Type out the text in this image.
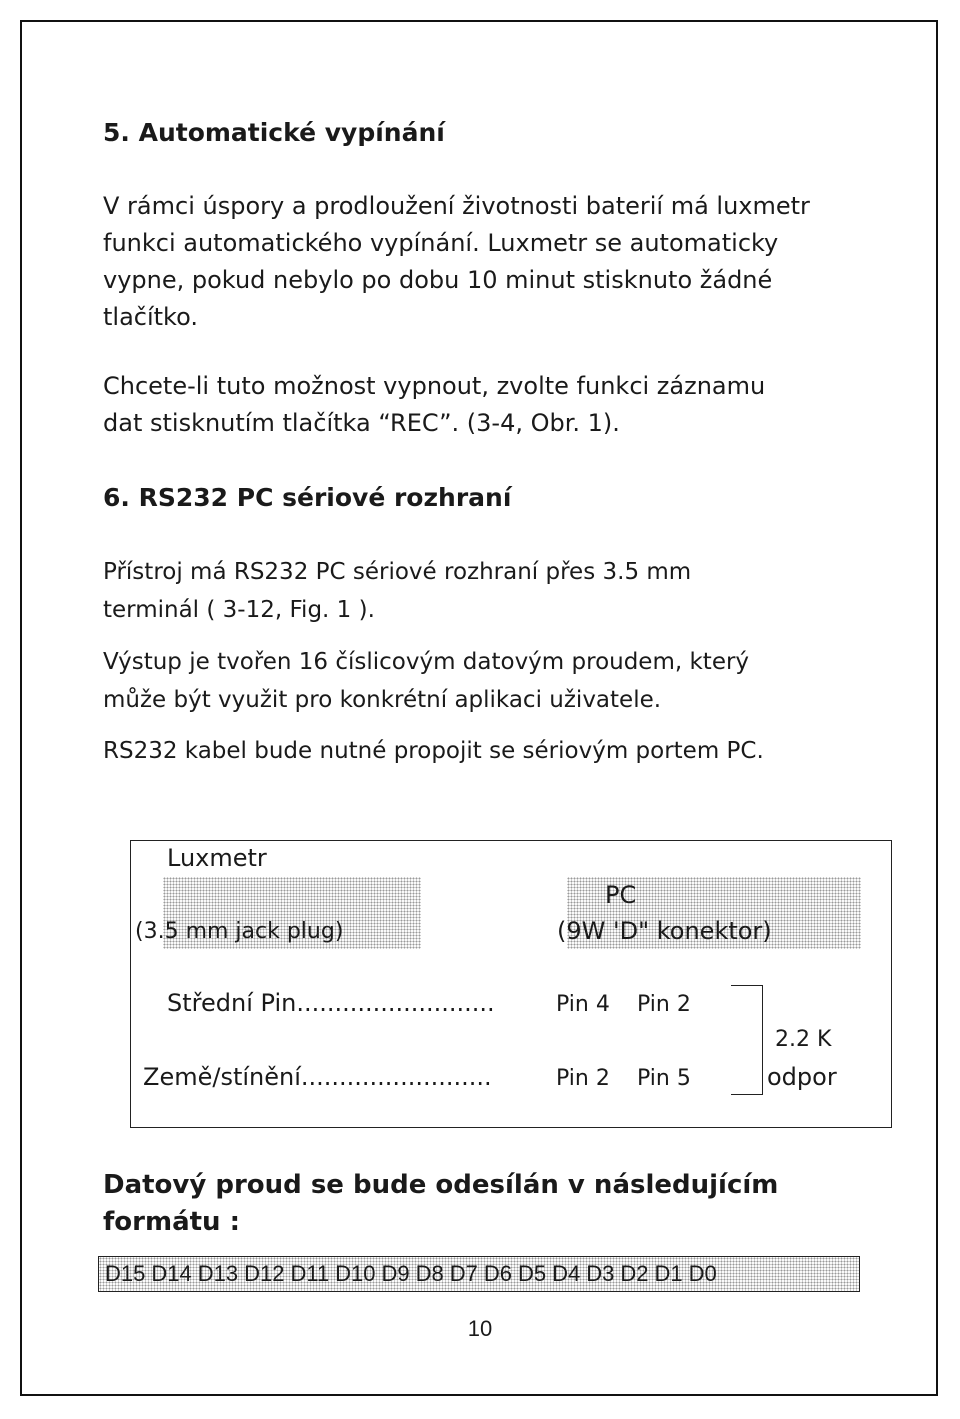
5. Automatické vypínání
V rámci úspory a prodloužení životnosti baterií má luxmetr
funkci automatického vypínání. Luxmetr se automaticky
vypne, pokud nebylo po dobu 10 minut stisknuto žádné
tlačítko.
Chcete-li tuto možnost vypnout, zvolte funkci záznamu
dat stisknutím tlačítka “REC”. (3-4, Obr. 1).
6. RS232 PC sériové rozhraní
Přístroj má RS232 PC sériové rozhraní přes 3.5 mm
terminál ( 3-12, Fig. 1 ).
Výstup je tvořen 16 číslicovým datovým proudem, který
může být využit pro konkrétní aplikaci uživatele.
RS232 kabel bude nutné propojit se sériovým portem PC.
Luxmetr
(3.5 mm jack plug)
PC
(9W 'D" konektor)
Střední Pin..........................	Pin 4 Pin 2
Země/stínění.........................	Pin 2 Pin 5
2.2 K
odpor
Datový proud se bude odesílán v následujícím
formátu :
D15 D14 D13 D12 D11 D10 D9 D8 D7 D6 D5 D4 D3 D2 D1 D0
10
